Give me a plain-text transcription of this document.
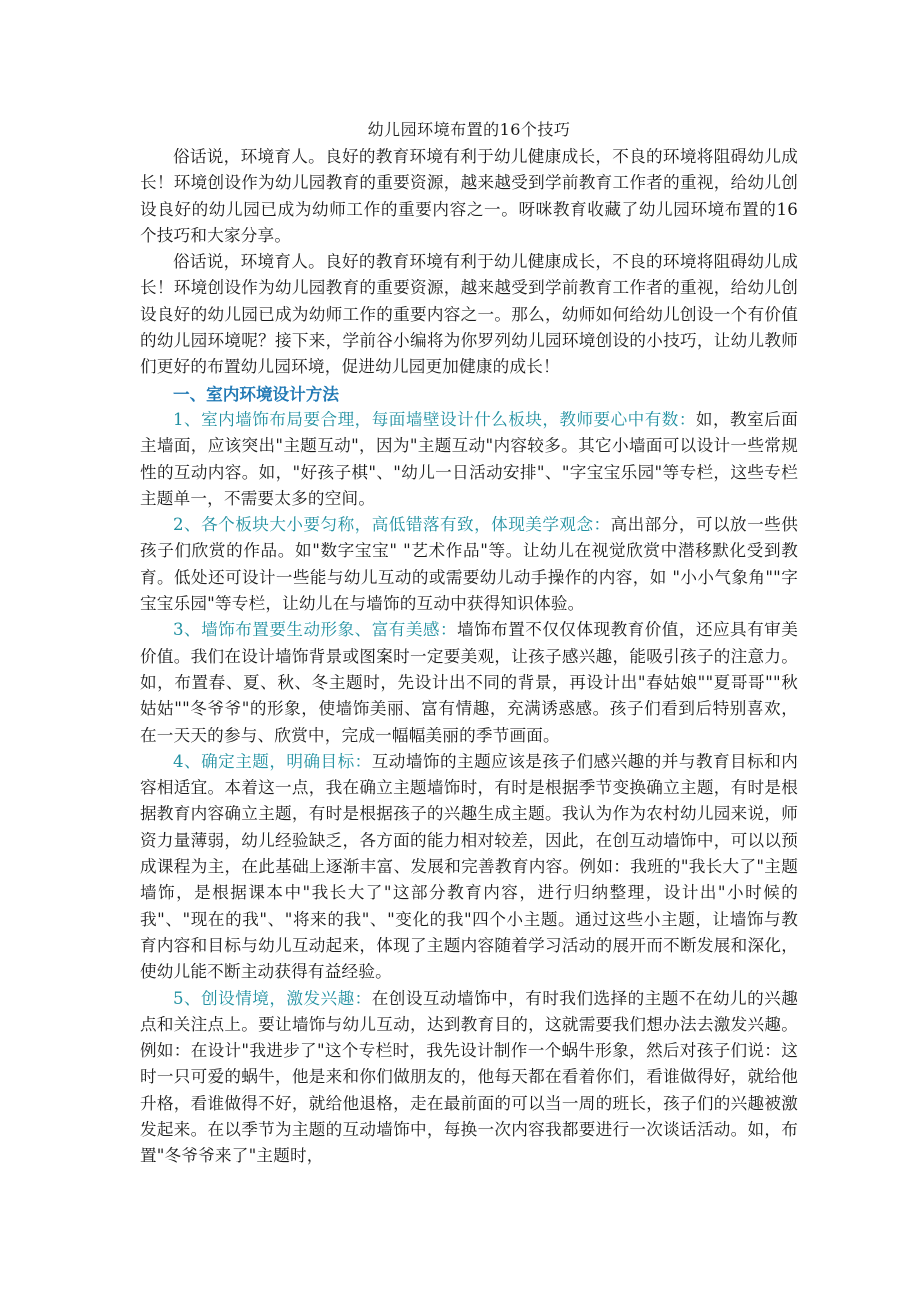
幼儿园环境布置的16个技巧

俗话说，环境育人。良好的教育环境有利于幼儿健康成长，不良的环境将阻碍幼儿成长！环境创设作为幼儿园教育的重要资源，越来越受到学前教育工作者的重视，给幼儿创设良好的幼儿园已成为幼师工作的重要内容之一。呀咪教育收藏了幼儿园环境布置的16个技巧和大家分享。

俗话说，环境育人。良好的教育环境有利于幼儿健康成长，不良的环境将阻碍幼儿成长！环境创设作为幼儿园教育的重要资源，越来越受到学前教育工作者的重视，给幼儿创设良好的幼儿园已成为幼师工作的重要内容之一。那么，幼师如何给幼儿创设一个有价值的幼儿园环境呢？接下来，学前谷小编将为你罗列幼儿园环境创设的小技巧，让幼儿教师们更好的布置幼儿园环境，促进幼儿园更加健康的成长！

一、室内环境设计方法

1、室内墙饰布局要合理，每面墙壁设计什么板块，教师要心中有数：如，教室后面主墙面，应该突出"主题互动"，因为"主题互动"内容较多。其它小墙面可以设计一些常规性的互动内容。如，"好孩子棋"、"幼儿一日活动安排"、"字宝宝乐园"等专栏，这些专栏主题单一，不需要太多的空间。

2、各个板块大小要匀称，高低错落有致，体现美学观念：高出部分，可以放一些供孩子们欣赏的作品。如"数字宝宝" "艺术作品"等。让幼儿在视觉欣赏中潜移默化受到教育。低处还可设计一些能与幼儿互动的或需要幼儿动手操作的内容，如 "小小气象角""字宝宝乐园"等专栏，让幼儿在与墙饰的互动中获得知识体验。

3、墙饰布置要生动形象、富有美感：墙饰布置不仅仅体现教育价值，还应具有审美价值。我们在设计墙饰背景或图案时一定要美观，让孩子感兴趣，能吸引孩子的注意力。如，布置春、夏、秋、冬主题时，先设计出不同的背景，再设计出"春姑娘""夏哥哥""秋姑姑""冬爷爷"的形象，使墙饰美丽、富有情趣，充满诱惑感。孩子们看到后特别喜欢，在一天天的参与、欣赏中，完成一幅幅美丽的季节画面。

4、确定主题，明确目标：互动墙饰的主题应该是孩子们感兴趣的并与教育目标和内容相适宜。本着这一点，我在确立主题墙饰时，有时是根据季节变换确立主题，有时是根据教育内容确立主题，有时是根据孩子的兴趣生成主题。我认为作为农村幼儿园来说，师资力量薄弱，幼儿经验缺乏，各方面的能力相对较差，因此，在创互动墙饰中，可以以预成课程为主，在此基础上逐渐丰富、发展和完善教育内容。例如：我班的"我长大了"主题墙饰，是根据课本中"我长大了"这部分教育内容，进行归纳整理，设计出"小时候的我"、"现在的我"、"将来的我"、"变化的我"四个小主题。通过这些小主题，让墙饰与教育内容和目标与幼儿互动起来，体现了主题内容随着学习活动的展开而不断发展和深化，使幼儿能不断主动获得有益经验。

5、创设情境，激发兴趣：在创设互动墙饰中，有时我们选择的主题不在幼儿的兴趣点和关注点上。要让墙饰与幼儿互动，达到教育目的，这就需要我们想办法去激发兴趣。例如：在设计"我进步了"这个专栏时，我先设计制作一个蜗牛形象，然后对孩子们说：这时一只可爱的蜗牛，他是来和你们做朋友的，他每天都在看着你们，看谁做得好，就给他升格，看谁做得不好，就给他退格，走在最前面的可以当一周的班长，孩子们的兴趣被激发起来。在以季节为主题的互动墙饰中，每换一次内容我都要进行一次谈话活动。如，布置"冬爷爷来了"主题时，
